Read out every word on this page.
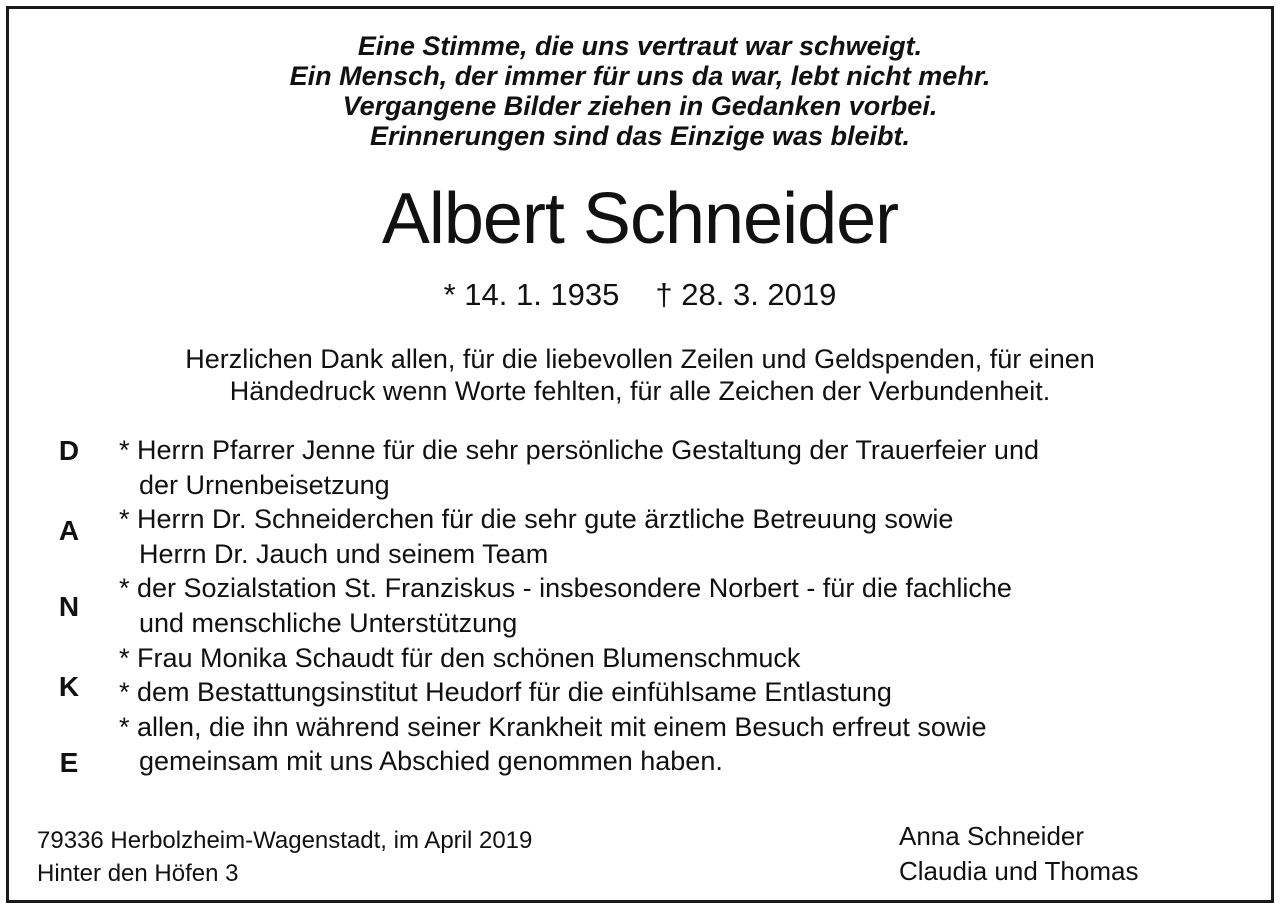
Eine Stimme, die uns vertraut war schweigt.
Ein Mensch, der immer für uns da war, lebt nicht mehr.
Vergangene Bilder ziehen in Gedanken vorbei.
Erinnerungen sind das Einzige was bleibt.
Albert Schneider
* 14. 1. 1935 † 28. 3. 2019
Herzlichen Dank allen, für die liebevollen Zeilen und Geldspenden, für einen
Händedruck wenn Worte fehlten, für alle Zeichen der Verbundenheit.
D
A
N
K
E
* Herrn Pfarrer Jenne für die sehr persönliche Gestaltung der Trauerfeier und
der Urnenbeisetzung
* Herrn Dr. Schneiderchen für die sehr gute ärztliche Betreuung sowie
Herrn Dr. Jauch und seinem Team
* der Sozialstation St. Franziskus - insbesondere Norbert - für die fachliche
und menschliche Unterstützung
* Frau Monika Schaudt für den schönen Blumenschmuck
* dem Bestattungsinstitut Heudorf für die einfühlsame Entlastung
* allen, die ihn während seiner Krankheit mit einem Besuch erfreut sowie
gemeinsam mit uns Abschied genommen haben.
79336 Herbolzheim-Wagenstadt, im April 2019
Hinter den Höfen 3
Anna Schneider
Claudia und Thomas
